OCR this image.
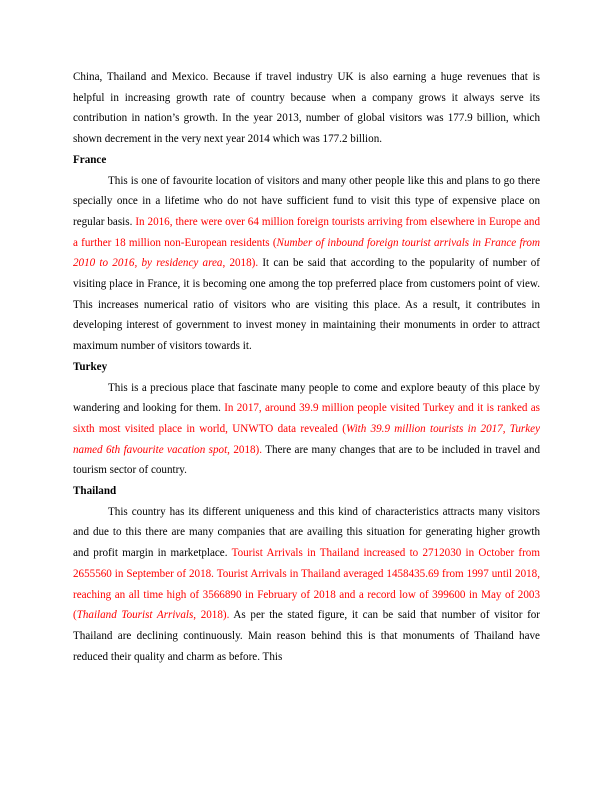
China, Thailand and Mexico. Because if travel industry UK is also earning a huge revenues that is helpful in increasing growth rate of country because when a company grows it always serve its contribution in nation’s growth. In the year 2013, number of global visitors was 177.9 billion, which shown decrement in the very next year 2014 which was 177.2 billion.

France

This is one of favourite location of visitors and many other people like this and plans to go there specially once in a lifetime who do not have sufficient fund to visit this type of expensive place on regular basis. In 2016, there were over 64 million foreign tourists arriving from elsewhere in Europe and a further 18 million non-European residents (Number of inbound foreign tourist arrivals in France from 2010 to 2016, by residency area, 2018). It can be said that according to the popularity of number of visiting place in France, it is becoming one among the top preferred place from customers point of view. This increases numerical ratio of visitors who are visiting this place. As a result, it contributes in developing interest of government to invest money in maintaining their monuments in order to attract maximum number of visitors towards it.

Turkey

This is a precious place that fascinate many people to come and explore beauty of this place by wandering and looking for them. In 2017, around 39.9 million people visited Turkey and it is ranked as sixth most visited place in world, UNWTO data revealed (With 39.9 million tourists in 2017, Turkey named 6th favourite vacation spot, 2018). There are many changes that are to be included in travel and tourism sector of country.

Thailand

This country has its different uniqueness and this kind of characteristics attracts many visitors and due to this there are many companies that are availing this situation for generating higher growth and profit margin in marketplace. Tourist Arrivals in Thailand increased to 2712030 in October from 2655560 in September of 2018. Tourist Arrivals in Thailand averaged 1458435.69 from 1997 until 2018, reaching an all time high of 3566890 in February of 2018 and a record low of 399600 in May of 2003 (Thailand Tourist Arrivals, 2018). As per the stated figure, it can be said that number of visitor for Thailand are declining continuously. Main reason behind this is that monuments of Thailand have reduced their quality and charm as before. This
